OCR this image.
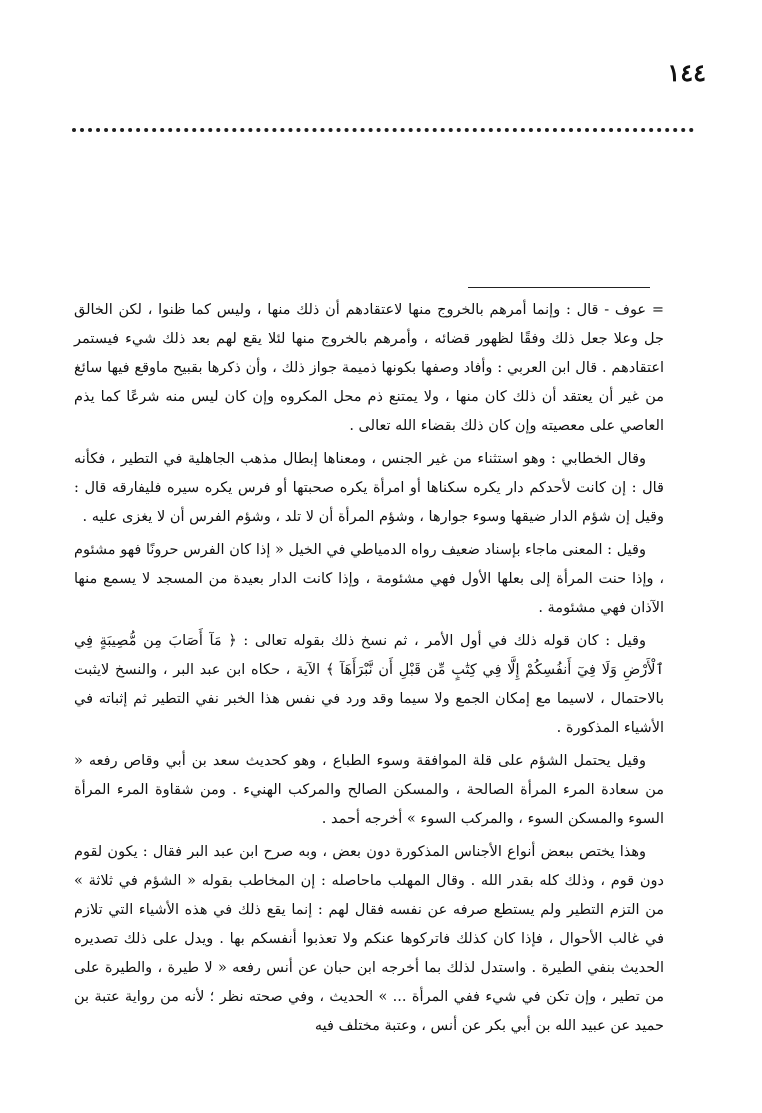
١٤٤

= عوف - قال : وإنما أمرهم بالخروج منها لاعتقادهم أن ذلك منها ، وليس كما ظنوا ، لكن الخالق جل وعلا جعل ذلك وفقًا لظهور قضائه ، وأمرهم بالخروج منها لئلا يقع لهم بعد ذلك شيء فيستمر اعتقادهم . قال ابن العربي : وأفاد وصفها بكونها ذميمة جواز ذلك ، وأن ذكرها بقبيح ماوقع فيها سائغ من غير أن يعتقد أن ذلك كان منها ، ولا يمتنع ذم محل المكروه وإن كان ليس منه شرعًا كما يذم العاصي على معصيته وإن كان ذلك بقضاء الله تعالى .

وقال الخطابي : وهو استثناء من غير الجنس ، ومعناها إبطال مذهب الجاهلية في التطير ، فكأنه قال : إن كانت لأحدكم دار يكره سكناها أو امرأة يكره صحبتها أو فرس يكره سيره فليفارقه قال : وقيل إن شؤم الدار ضيقها وسوء جوارها ، وشؤم المرأة أن لا تلد ، وشؤم الفرس أن لا يغزى عليه .

وقيل : المعنى ماجاء بإسناد ضعيف رواه الدمياطي في الخيل « إذا كان الفرس حرونًا فهو مشئوم ، وإذا حنت المرأة إلى بعلها الأول فهي مشئومة ، وإذا كانت الدار بعيدة من المسجد لا يسمع منها الآذان فهي مشئومة .

وقيل : كان قوله ذلك في أول الأمر ، ثم نسخ ذلك بقوله تعالى : ﴿ مَآ أَصَابَ مِن مُّصِيبَةٍ فِي ٱلْأَرْضِ وَلَا فِيٓ أَنفُسِكُمْ إِلَّا فِي كِتَٰبٍ مِّن قَبْلِ أَن نَّبْرَأَهَآ ﴾ الآية ، حكاه ابن عبد البر ، والنسخ لايثبت بالاحتمال ، لاسيما مع إمكان الجمع ولا سيما وقد ورد في نفس هذا الخبر نفي التطير ثم إثباته في الأشياء المذكورة .

وقيل يحتمل الشؤم على قلة الموافقة وسوء الطباع ، وهو كحديث سعد بن أبي وقاص رفعه « من سعادة المرء المرأة الصالحة ، والمسكن الصالح والمركب الهنيء . ومن شقاوة المرء المرأة السوء والمسكن السوء ، والمركب السوء » أخرجه أحمد .

وهذا يختص ببعض أنواع الأجناس المذكورة دون بعض ، وبه صرح ابن عبد البر فقال : يكون لقوم دون قوم ، وذلك كله بقدر الله . وقال المهلب ماحاصله : إن المخاطب بقوله « الشؤم في ثلاثة » من التزم التطير ولم يستطع صرفه عن نفسه فقال لهم : إنما يقع ذلك في هذه الأشياء التي تلازم في غالب الأحوال ، فإذا كان كذلك فاتركوها عنكم ولا تعذبوا أنفسكم بها . ويدل على ذلك تصديره الحديث بنفي الطيرة . واستدل لذلك بما أخرجه ابن حبان عن أنس رفعه « لا طيرة ، والطيرة على من تطير ، وإن تكن في شيء ففي المرأة ... » الحديث ، وفي صحته نظر ؛ لأنه من رواية عتبة بن حميد عن عبيد الله بن أبي بكر عن أنس ، وعتبة مختلف فيه
